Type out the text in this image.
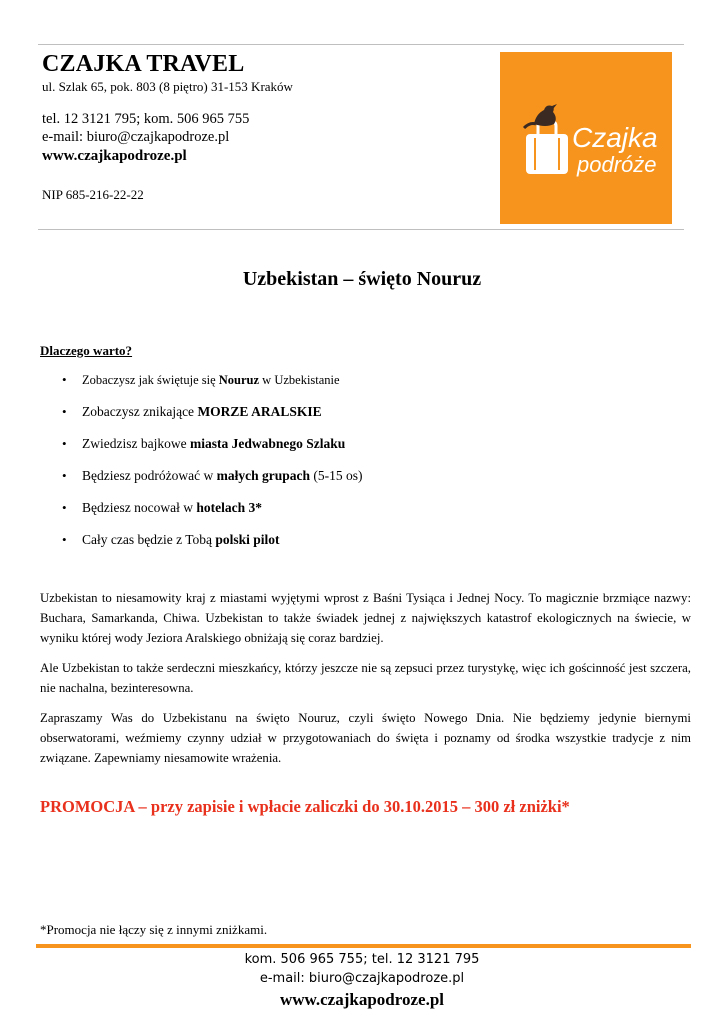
CZAJKA TRAVEL
ul. Szlak 65, pok. 803 (8 piętro) 31-153 Kraków
tel. 12 3121 795; kom. 506 965 755
e-mail: biuro@czajkapodroze.pl
www.czajkapodroze.pl
NIP 685-216-22-22
Czajka
podróże
Uzbekistan – święto Nouruz
Dlaczego warto?
• Zobaczysz jak świętuje się Nouruz w Uzbekistanie
• Zobaczysz znikające MORZE ARALSKIE
• Zwiedzisz bajkowe miasta Jedwabnego Szlaku
• Będziesz podróżować w małych grupach (5-15 os)
• Będziesz nocował w hotelach 3*
• Cały czas będzie z Tobą polski pilot

Uzbekistan to niesamowity kraj z miastami wyjętymi wprost z Baśni Tysiąca i Jednej Nocy. To magicznie brzmiące nazwy: Buchara, Samarkanda, Chiwa. Uzbekistan to także świadek jednej z największych katastrof ekologicznych na świecie, w wyniku której wody Jeziora Aralskiego obniżają się coraz bardziej.

Ale Uzbekistan to także serdeczni mieszkańcy, którzy jeszcze nie są zepsuci przez turystykę, więc ich gościnność jest szczera, nie nachalna, bezinteresowna.

Zapraszamy Was do Uzbekistanu na święto Nouruz, czyli święto Nowego Dnia. Nie będziemy jedynie biernymi obserwatorami, weźmiemy czynny udział w przygotowaniach do święta i poznamy od środka wszystkie tradycje z nim związane. Zapewniamy niesamowite wrażenia.

PROMOCJA – przy zapisie i wpłacie zaliczki do 30.10.2015 – 300 zł zniżki*
*Promocja nie łączy się z innymi zniżkami.
kom. 506 965 755; tel. 12 3121 795
e-mail: biuro@czajkapodroze.pl
www.czajkapodroze.pl
